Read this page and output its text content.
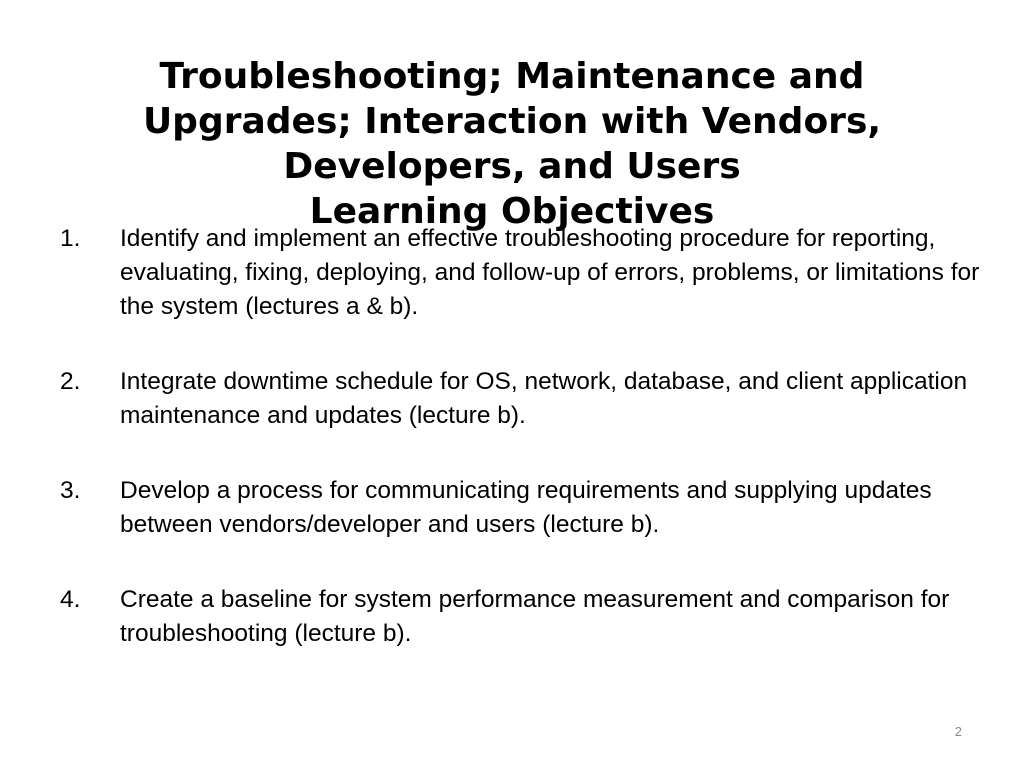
Troubleshooting; Maintenance and
Upgrades; Interaction with Vendors,
Developers, and Users
Learning Objectives
1.	Identify and implement an effective troubleshooting procedure for reporting, evaluating, fixing, deploying, and follow-up of errors, problems, or limitations for the system (lectures a & b).
2.	Integrate downtime schedule for OS, network, database, and client application maintenance and updates (lecture b).
3.	Develop a process for communicating requirements and supplying updates between vendors/developer and users (lecture b).
4.	Create a baseline for system performance measurement and comparison for troubleshooting (lecture b).
2
